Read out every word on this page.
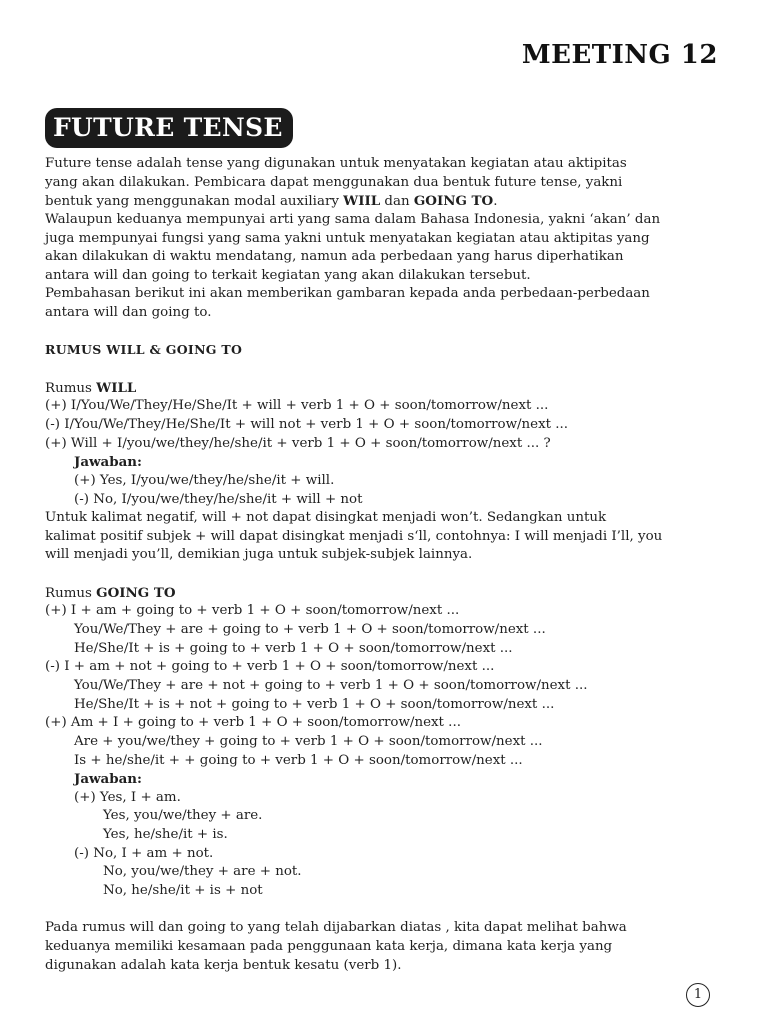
MEETING 12
FUTURE TENSE
Future tense adalah tense yang digunakan untuk menyatakan kegiatan atau aktipitas
yang akan dilakukan. Pembicara dapat menggunakan dua bentuk future tense, yakni
bentuk yang menggunakan modal auxiliary WIIL dan GOING TO.
Walaupun keduanya mempunyai arti yang sama dalam Bahasa Indonesia, yakni ‘akan’ dan
juga mempunyai fungsi yang sama yakni untuk menyatakan kegiatan atau aktipitas yang
akan dilakukan di waktu mendatang, namun ada perbedaan yang harus diperhatikan
antara will dan going to terkait kegiatan yang akan dilakukan tersebut.
Pembahasan berikut ini akan memberikan gambaran kepada anda perbedaan-perbedaan
antara will dan going to.
RUMUS WILL & GOING TO
Rumus WILL
(+) I/You/We/They/He/She/It + will + verb 1 + O + soon/tomorrow/next ...
(-) I/You/We/They/He/She/It + will not + verb 1 + O + soon/tomorrow/next ...
(+) Will + I/you/we/they/he/she/it + verb 1 + O + soon/tomorrow/next ... ?
Jawaban:
(+) Yes, I/you/we/they/he/she/it + will.
(-) No, I/you/we/they/he/she/it + will + not
Untuk kalimat negatif, will + not dapat disingkat menjadi won’t. Sedangkan untuk
kalimat positif subjek + will dapat disingkat menjadi s‘ll, contohnya: I will menjadi I’ll, you
will menjadi you’ll, demikian juga untuk subjek-subjek lainnya.
Rumus GOING TO
(+) I + am + going to + verb 1 + O + soon/tomorrow/next ...
You/We/They + are + going to + verb 1 + O + soon/tomorrow/next ...
He/She/It + is + going to + verb 1 + O + soon/tomorrow/next ...
(-) I + am + not + going to + verb 1 + O + soon/tomorrow/next ...
You/We/They + are + not + going to + verb 1 + O + soon/tomorrow/next ...
He/She/It + is + not + going to + verb 1 + O + soon/tomorrow/next ...
(+) Am + I + going to + verb 1 + O + soon/tomorrow/next ...
Are + you/we/they + going to + verb 1 + O + soon/tomorrow/next ...
Is + he/she/it + + going to + verb 1 + O + soon/tomorrow/next ...
Jawaban:
(+) Yes, I + am.
Yes, you/we/they + are.
Yes, he/she/it + is.
(-) No, I + am + not.
No, you/we/they + are + not.
No, he/she/it + is + not
Pada rumus will dan going to yang telah dijabarkan diatas , kita dapat melihat bahwa
keduanya memiliki kesamaan pada penggunaan kata kerja, dimana kata kerja yang
digunakan adalah kata kerja bentuk kesatu (verb 1).
1
